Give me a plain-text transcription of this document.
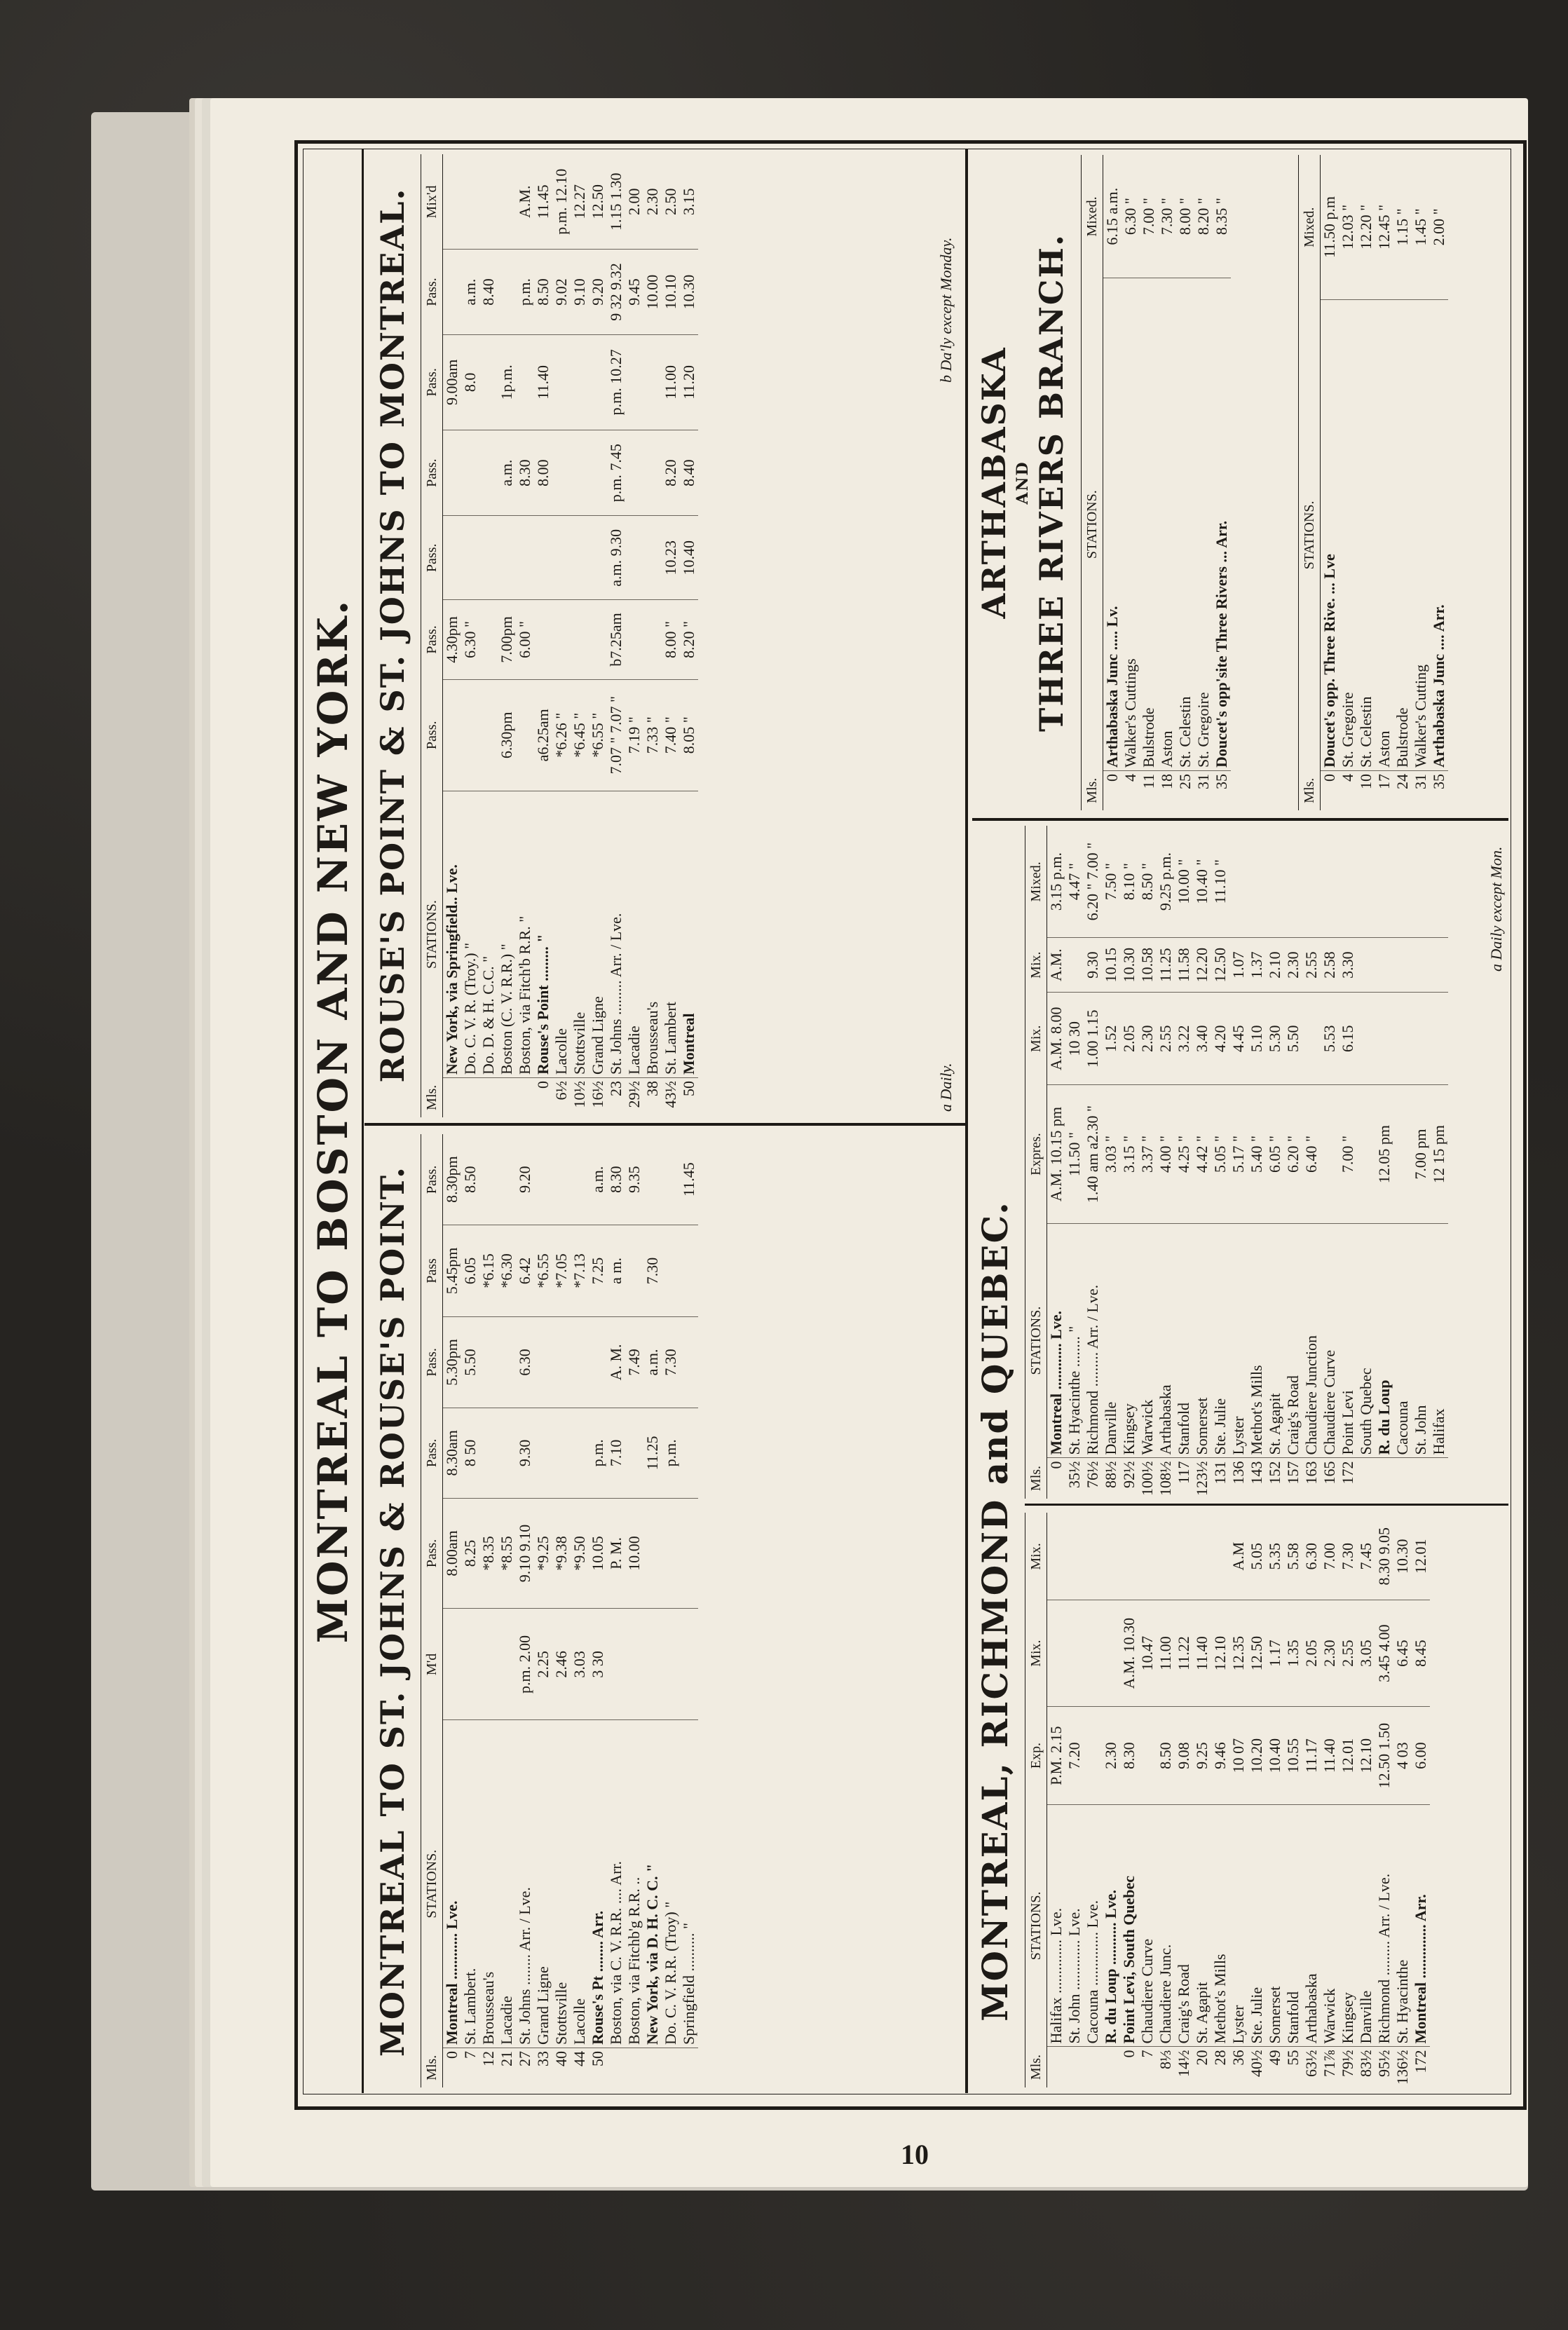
10
MONTREAL TO BOSTON AND NEW YORK. MONTREAL TO ST. JOHNS & ROUSE'S POINT.
Mls.	STATIONS.	M'd	Pass.	Pass.	Pass.	Pass	Pass.
0	Montreal ............ Lve.		8.00am	8.30am	5.30pm	5.45pm	8.30pm
7	St. Lambert.		8.25	8 50	5.50	6.05	8.50
12	Brousseau's		*8.35			*6.15	
21	Lacadie		*8.55			*6.30	
27	St. Johns ........ Arr. / Lve.	p.m. 2.00	9.10 9.10	9.30	6.30	6.42	9.20
33	Grand Ligne	2.25	*9.25			*6.55	
40	Stottsville	2.46	*9.38			*7.05	
44	Lacolle	3.03	*9.50			*7.13	
50	Rouse's Pt ........ Arr.	3 30	10.05	p.m.		7.25	a.m.
	Boston, via C. V. R.R. .... Arr.		P. M.	7.10	A. M.	a m.	8.30
	Boston, via Fitchb'g R.R. ..		10.00		7.49		9.35
	New York, via D. H. C. C. "			11.25	a.m.	7.30	
	Do. C. V. R.R. (Troy) "			p.m.	7.30		
	Springfield .......... "						11.45
ROUSE'S POINT & ST. JOHNS TO MONTREAL.
Mls.	STATIONS.	Pass.	Pass.	Pass.	Pass.	Pass.	Pass.	Mix'd
	New York, via Springfield.. Lve.		4.30pm			9.00am		
	Do. C. V. R. (Troy.) "		6.30 "			8.0	a.m.	
	Do. D. & H. C.C. "						8.40	
	Boston (C. V. R.R.) "	6.30pm	7.00pm		a.m.	1p.m.		
	Boston, via Fitch'b R.R. "		6.00 "		8.30		p.m.	A.M.
0	Rouse's Point ......... "	a6.25am			8.00	11.40	8.50	11.45
6½	Lacolle	*6.26 "					9.02	p.m. 12.10
10½	Stottsville	*6.45 "					9.10	12.27
16½	Grand Ligne	*6.55 "					9.20	12.50
23	St. Johns ......... Arr. / Lve.	7.07 " 7.07 "	b7.25am	a.m. 9.30	p.m. 7.45	p.m. 10.27	9 32 9.32	1.15 1.30
29½	Lacadie	7.19 "					9.45	2.00
38	Brousseau's	7.33 "					10.00	2.30
43½	St. Lambert	7.40 "	8.00 "	10.23	8.20	11.00	10.10	2.50
50	Montreal	8.05 "	8.20 "	10.40	8.40	11.20	10.30	3.15
a Daily.
b Da'ly except Monday.
MONTREAL, RICHMOND and QUEBEC.
Mls.	STATIONS.	Exp.	Mix.	Mix.
	Halifax .............. Lve.	P.M. 2.15		
	St. John ............. Lve.	7.20		
	Cacouna .............. Lve.			
	R. du Loup ........... Lve.	2.30		
0	Point Levi, South Quebec	8.30	A.M. 10.30	
7	Chaudiere Curve		10.47	
8⅓	Chaudiere Junc.	8.50	11.00	
14½	Craig's Road	9.08	11.22	
20	St. Agapit	9.25	11.40	
28	Methot's Mills	9.46	12.10	
36	Lyster	10 07	12.35	A.M
40½	Ste. Julie	10.20	12.50	5.05
49	Somerset	10.40	1.17	5.35
55	Stanfold	10.55	1.35	5.58
63½	Arthabaska	11.17	2.05	6.30
71⅞	Warwick	11.40	2.30	7.00
79½	Kingsey	12.01	2.55	7.30
83½	Danville	12.10	3.05	7.45
95½	Richmond ......... Arr. / Lve.	12.50 1.50	3.45 4.00	8.30 9.05
136½	St. Hyacinthe	4 03	6.45	10.30
172	Montreal .............. Arr.	6.00	8.45	12.01
Mls.	STATIONS.	Expres.	Mix.	Mix.	Mixed.
0	Montreal ............ Lve.	A.M. 10.15 pm	A.M. 8.00	A.M.	3.15 p.m.
35½	St. Hyacinthe ........ "	11.50 "	10 30		4.47 "
76½	Richmond ......... Arr. / Lve.	1.40 am a2.30 "	1.00 1.15	9.30	6.20 " 7.00 "
88½	Danville	3.03 "	1.52	10.15	7.50 "
92½	Kingsey	3.15 "	2.05	10.30	8.10 "
100½	Warwick	3.37 "	2.30	10.58	8.50 "
108½	Arthabaska	4.00 "	2.55	11.25	9.25 p.m.
117	Stanfold	4.25 "	3.22	11.58	10.00 "
123½	Somerset	4.42 "	3.40	12.20	10.40 "
131	Ste. Julie	5.05 "	4.20	12.50	11.10 "
136	Lyster	5.17 "	4.45	1.07	
143	Methot's Mills	5.40 "	5.10	1.37	
152	St. Agapit	6.05 "	5.30	2.10	
157	Craig's Road	6.20 "	5.50	2.30	
163	Chaudiere Junction	6.40 "		2.55	
165	Chaudiere Curve		5.53	2.58	
172	Point Levi	7.00 "	6.15	3.30	
	South Quebec				
	R. du Loup	12.05 pm			
	Cacouna				
	St. John	7.00 pm			
	Halifax	12 15 pm			
a Daily except Mon.
ARTHABASKA AND THREE RIVERS BRANCH.
Mls.	STATIONS.	Mixed.
0	Arthabaska Junc ..... Lv.	6.15 a.m.
4	Walker's Cuttings	6.30 "
11	Bulstrode	7.00 "
18	Aston	7.30 "
25	St. Celestin	8.00 "
31	St. Gregoire	8.20 "
35	Doucet's opp'site Three Rivers ... Arr.	8.35 "
Mls.	STATIONS.	Mixed.
0	Doucet's opp. Three Rive. ... Lve	11.50 p.m
4	St. Gregoire	12.03 "
10	St. Celestin	12.20 "
17	Aston	12.45 "
24	Bulstrode	1.15 "
31	Walker's Cutting	1.45 "
35	Arthabaska Junc .... Arr.	2.00 "
